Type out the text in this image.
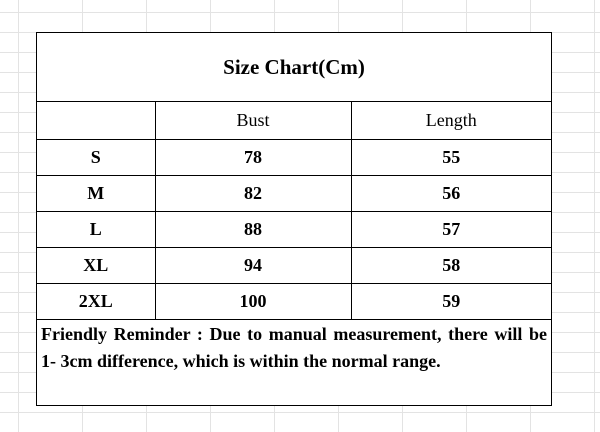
Size Chart(Cm)
	Bust	Length
S	78	55
M	82	56
L	88	57
XL	94	58
2XL	100	59
Friendly Reminder : Due to manual measurement, there will be 1- 3cm difference, which is within the normal range.
